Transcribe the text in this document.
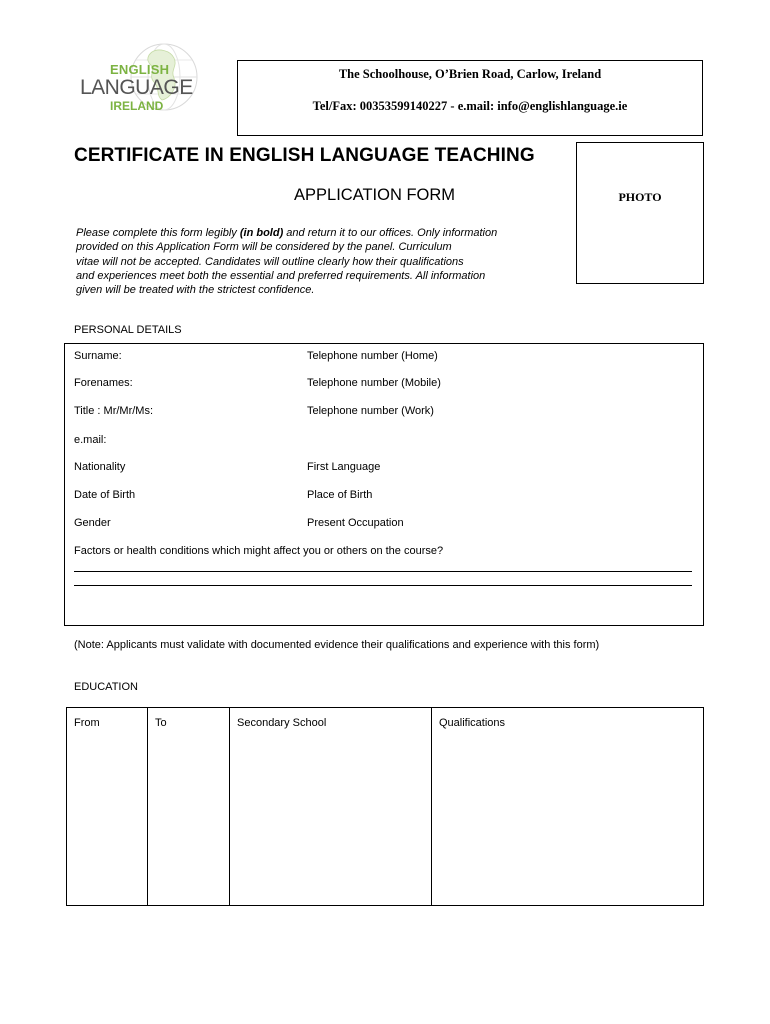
ENGLISH
LANGUAGE
IRELAND
The Schoolhouse, O’Brien Road, Carlow, Ireland
Tel/Fax: 00353599140227 - e.mail: info@englishlanguage.ie
CERTIFICATE IN ENGLISH LANGUAGE TEACHING
APPLICATION FORM	PHOTO

Please complete this form legibly (in bold) and return it to our offices. Only information

provided on this Application Form will be considered by the panel. Curriculum

vitae will not be accepted. Candidates will outline clearly how their qualifications

and experiences meet both the essential and preferred requirements. All information

given will be treated with the strictest confidence.

PERSONAL DETAILS
Surname:	Telephone number (Home)
Forenames:	Telephone number (Mobile)
Title : Mr/Mr/Ms:	Telephone number (Work)
e.mail:
Nationality	First Language
Date of Birth	Place of Birth
Gender	Present Occupation
Factors or health conditions which might affect you or others on the course?
(Note: Applicants must validate with documented evidence their qualifications and experience with this form)
EDUCATION
From	To	Secondary School	Qualifications
